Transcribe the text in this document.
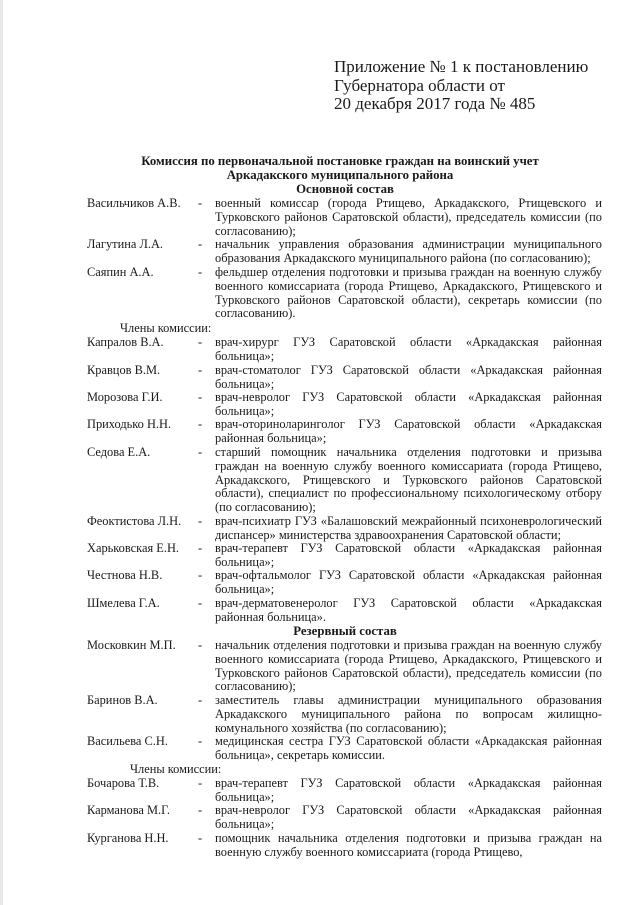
Приложение № 1 к постановлению
Губернатора области от
20 декабря 2017 года № 485
Комиссия по первоначальной постановке граждан на воинский учет
Аркадакского муниципального района
Основной состав
Васильчиков А.В. - военный комиссар (города Ртищево, Аркадакского, Ртищевского и Турковского районов Саратовской области), председатель комиссии (по согласованию);
Лагутина Л.А.	- начальник управления образования администрации муниципального образования Аркадакского муниципального района (по согласованию);
Саяпин А.А.	- фельдшер отделения подготовки и призыва граждан на военную службу военного комиссариата (города Ртищево, Аркадакского, Ртищевского и Турковского районов Саратовской области), секретарь комиссии (по согласованию).
Члены комиссии:
Капралов В.А.	- врач-хирург ГУЗ Саратовской области «Аркадакская районная больница»;
Кравцов В.М.	- врач-стоматолог ГУЗ Саратовской области «Аркадакская районная больница»;
Морозова Г.И.	- врач-невролог ГУЗ Саратовской области «Аркадакская районная больница»;
Приходько Н.Н. - врач-оториноларинголог ГУЗ Саратовской области «Аркадакская районная больница»;
Седова Е.А.	- старший помощник начальника отделения подготовки и призыва граждан на военную службу военного комиссариата (города Ртищево, Аркадакского, Ртищевского и Турковского районов Саратовской области), специалист по профессиональному психологическому отбору (по согласованию);
Феоктистова Л.Н. - врач-психиатр ГУЗ «Балашовский межрайонный психоневрологический диспансер» министерства здравоохранения Саратовской области;
Харьковская Е.Н. - врач-терапевт ГУЗ Саратовской области «Аркадакская районная больница»;
Честнова Н.В.	- врач-офтальмолог ГУЗ Саратовской области «Аркадакская районная больница»;
Шмелева Г.А.	- врач-дерматовенеролог ГУЗ Саратовской области «Аркадакская районная больница».
Резервный состав
Московкин М.П. - начальник отделения подготовки и призыва граждан на военную службу военного комиссариата (города Ртищево, Аркадакского, Ртищевского и Турковского районов Саратовской области), председатель комиссии (по согласованию);
Баринов В.А.	- заместитель главы администрации муниципального образования Аркадакского муниципального района по вопросам жилищно-комунального хозяйства (по согласованию);
Васильева С.Н. - медицинская сестра ГУЗ Саратовской области «Аркадакская районная больница», секретарь комиссии.
Члены комиссии:
Бочарова Т.В.	- врач-терапевт ГУЗ Саратовской области «Аркадакская районная больница»;
Карманова М.Г. - врач-невролог ГУЗ Саратовской области «Аркадакская районная больница»;
Курганова Н.Н. - помощник начальника отделения подготовки и призыва граждан на военную службу военного комиссариата (города Ртищево,
